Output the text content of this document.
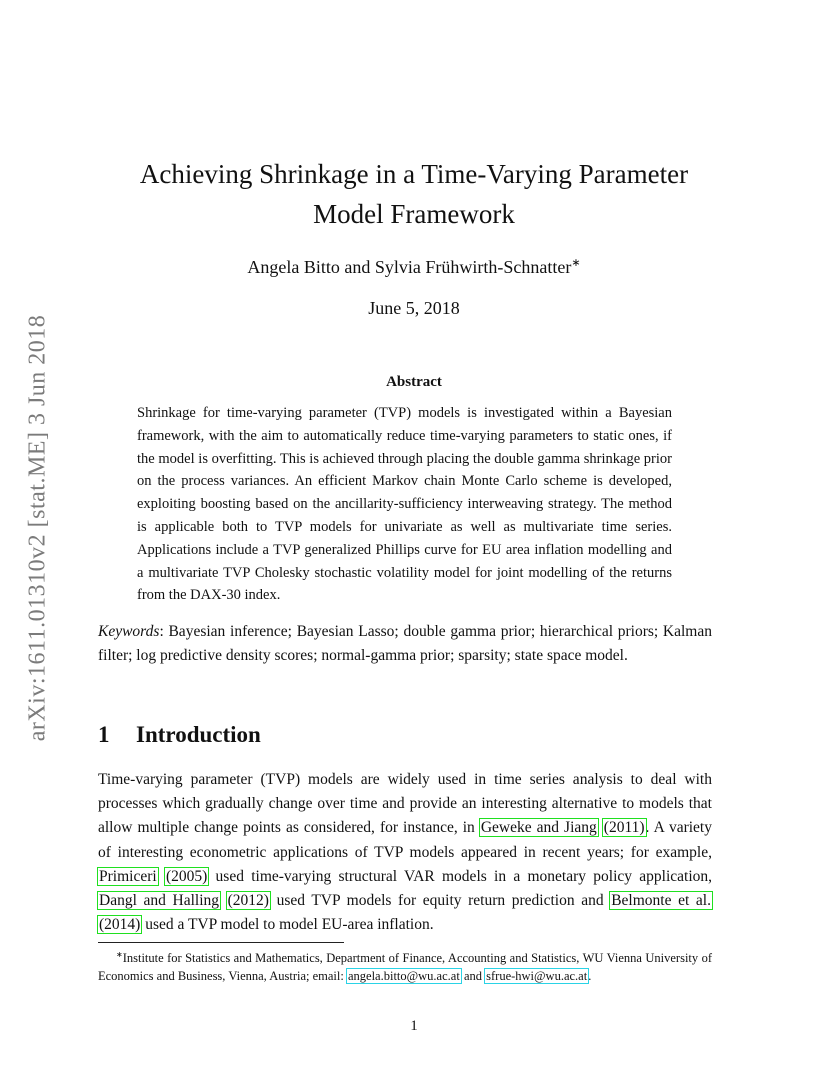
arXiv:1611.01310v2 [stat.ME] 3 Jun 2018
Achieving Shrinkage in a Time-Varying Parameter
Model Framework
Angela Bitto and Sylvia Frühwirth-Schnatter∗
June 5, 2018
Abstract
Shrinkage for time-varying parameter (TVP) models is investigated within a Bayesian framework, with the aim to automatically reduce time-varying parameters to static ones, if the model is overfitting. This is achieved through placing the double gamma shrinkage prior on the process variances. An efficient Markov chain Monte Carlo scheme is developed, exploiting boosting based on the ancillarity-sufficiency interweaving strategy. The method is applicable both to TVP models for univariate as well as multivariate time series. Applications include a TVP generalized Phillips curve for EU area inflation modelling and a multivariate TVP Cholesky stochastic volatility model for joint modelling of the returns from the DAX-30 index.
Keywords: Bayesian inference; Bayesian Lasso; double gamma prior; hierarchical priors; Kalman filter; log predictive density scores; normal-gamma prior; sparsity; state space model.
1 Introduction
Time-varying parameter (TVP) models are widely used in time series analysis to deal with processes which gradually change over time and provide an interesting alternative to models that allow multiple change points as considered, for instance, in Geweke and Jiang (2011). A variety of interesting econometric applications of TVP models appeared in recent years; for example, Primiceri (2005) used time-varying structural VAR models in a monetary policy application, Dangl and Halling (2012) used TVP models for equity return prediction and Belmonte et al. (2014) used a TVP model to model EU-area inflation.

∗Institute for Statistics and Mathematics, Department of Finance, Accounting and Statistics, WU Vienna University of Economics and Business, Vienna, Austria; email: angela.bitto@wu.ac.at and sfrue-hwi@wu.ac.at.

1
